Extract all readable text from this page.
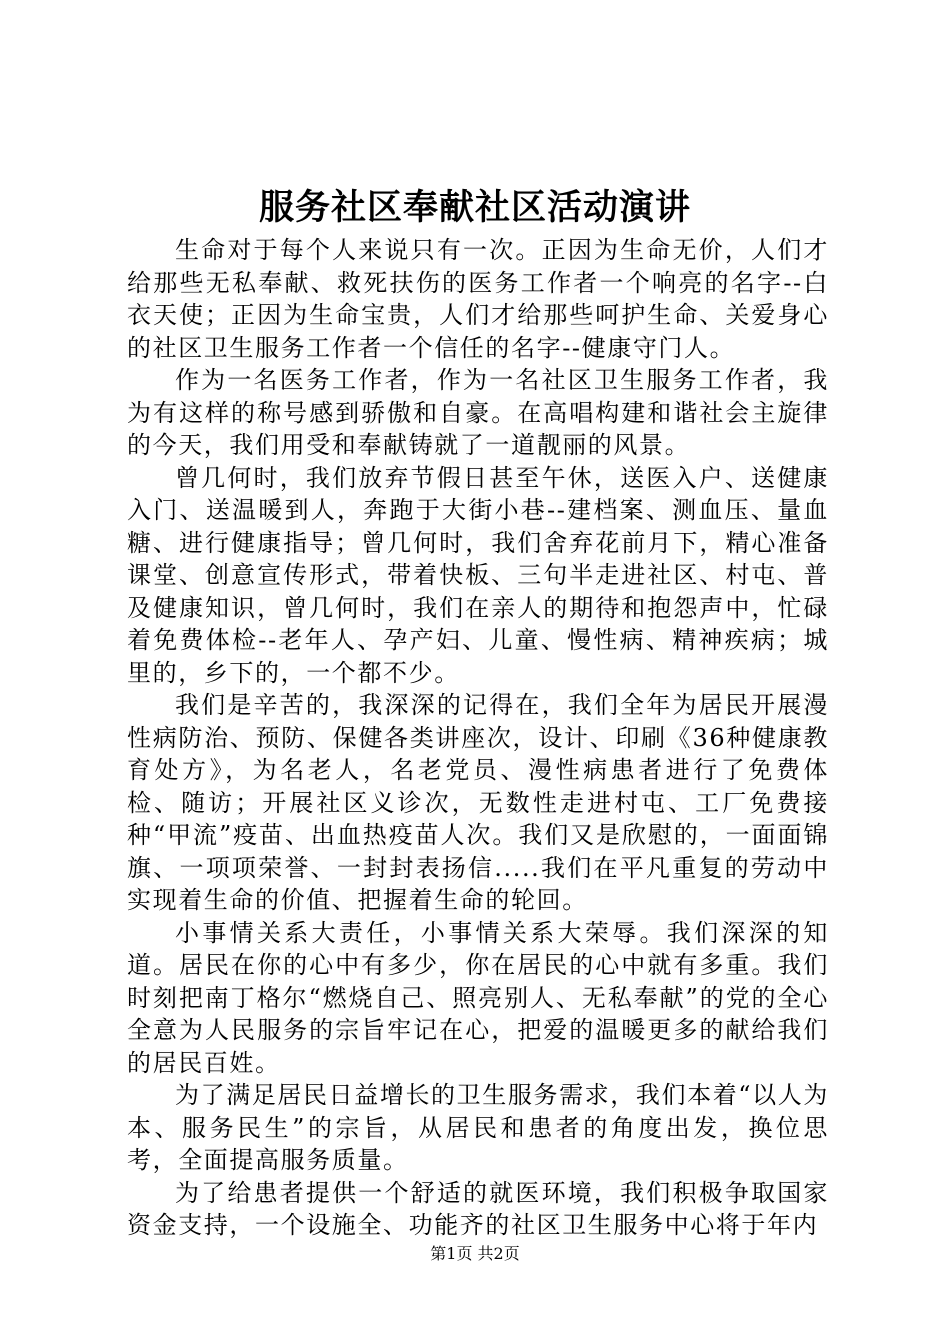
服务社区奉献社区活动演讲

生命对于每个人来说只有一次。正因为生命无价，人们才给那些无私奉献、救死扶伤的医务工作者一个响亮的名字--白衣天使；正因为生命宝贵，人们才给那些呵护生命、关爱身心的社区卫生服务工作者一个信任的名字--健康守门人。

作为一名医务工作者，作为一名社区卫生服务工作者，我为有这样的称号感到骄傲和自豪。在高唱构建和谐社会主旋律的今天，我们用受和奉献铸就了一道靓丽的风景。

曾几何时，我们放弃节假日甚至午休，送医入户、送健康入门、送温暖到人，奔跑于大街小巷--建档案、测血压、量血糖、进行健康指导；曾几何时，我们舍弃花前月下，精心准备课堂、创意宣传形式，带着快板、三句半走进社区、村屯、普及健康知识，曾几何时，我们在亲人的期待和抱怨声中，忙碌着免费体检--老年人、孕产妇、儿童、慢性病、精神疾病；城里的，乡下的，一个都不少。

我们是辛苦的，我深深的记得在，我们全年为居民开展漫性病防治、预防、保健各类讲座次，设计、印刷《36种健康教育处方》，为名老人，名老党员、漫性病患者进行了免费体检、随访；开展社区义诊次，无数性走进村屯、工厂免费接种“甲流”疫苗、出血热疫苗人次。我们又是欣慰的，一面面锦旗、一项项荣誉、一封封表扬信.....我们在平凡重复的劳动中实现着生命的价值、把握着生命的轮回。

小事情关系大责任，小事情关系大荣辱。我们深深的知道。居民在你的心中有多少，你在居民的心中就有多重。我们时刻把南丁格尔“燃烧自己、照亮别人、无私奉献”的党的全心全意为人民服务的宗旨牢记在心，把爱的温暖更多的献给我们的居民百姓。

为了满足居民日益增长的卫生服务需求，我们本着“以人为本、服务民生”的宗旨，从居民和患者的角度出发，换位思考，全面提高服务质量。

为了给患者提供一个舒适的就医环境，我们积极争取国家资金支持，一个设施全、功能齐的社区卫生服务中心将于年内

第1页 共2页
